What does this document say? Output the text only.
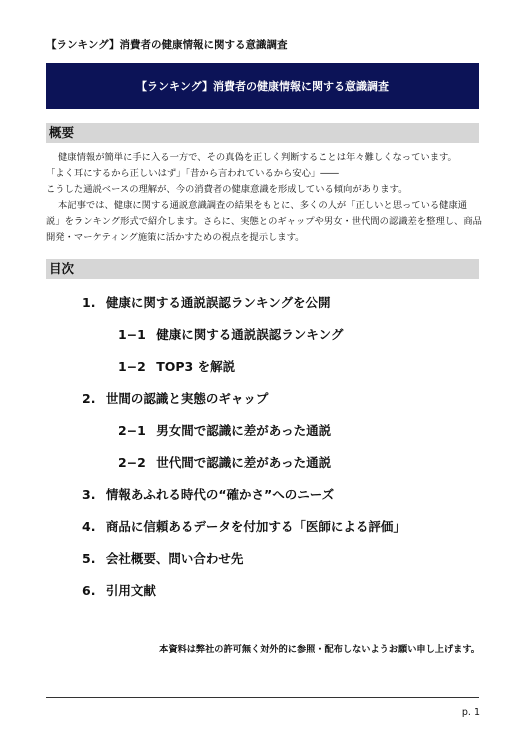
【ランキング】消費者の健康情報に関する意識調査
【ランキング】消費者の健康情報に関する意識調査
概要

健康情報が簡単に手に入る一方で、その真偽を正しく判断することは年々難しくなっています。

「よく耳にするから正しいはず」「昔から言われているから安心」――

こうした通説ベースの理解が、今の消費者の健康意識を形成している傾向があります。

本記事では、健康に関する通説意識調査の結果をもとに、多くの人が「正しいと思っている健康通

説」をランキング形式で紹介します。さらに、実態とのギャップや男女・世代間の認識差を整理し、商品

開発・マーケティング施策に活かすための視点を提示します。

目次
1. 健康に関する通説誤認ランキングを公開
1−1 健康に関する通説誤認ランキング
1−2 TOP3 を解説
2. 世間の認識と実態のギャップ
2−1 男女間で認識に差があった通説
2−2 世代間で認識に差があった通説
3. 情報あふれる時代の“確かさ”へのニーズ
4. 商品に信頼あるデータを付加する「医師による評価」
5. 会社概要、問い合わせ先
6. 引用文献
本資料は弊社の許可無く対外的に参照・配布しないようお願い申し上げます。
p. 1
